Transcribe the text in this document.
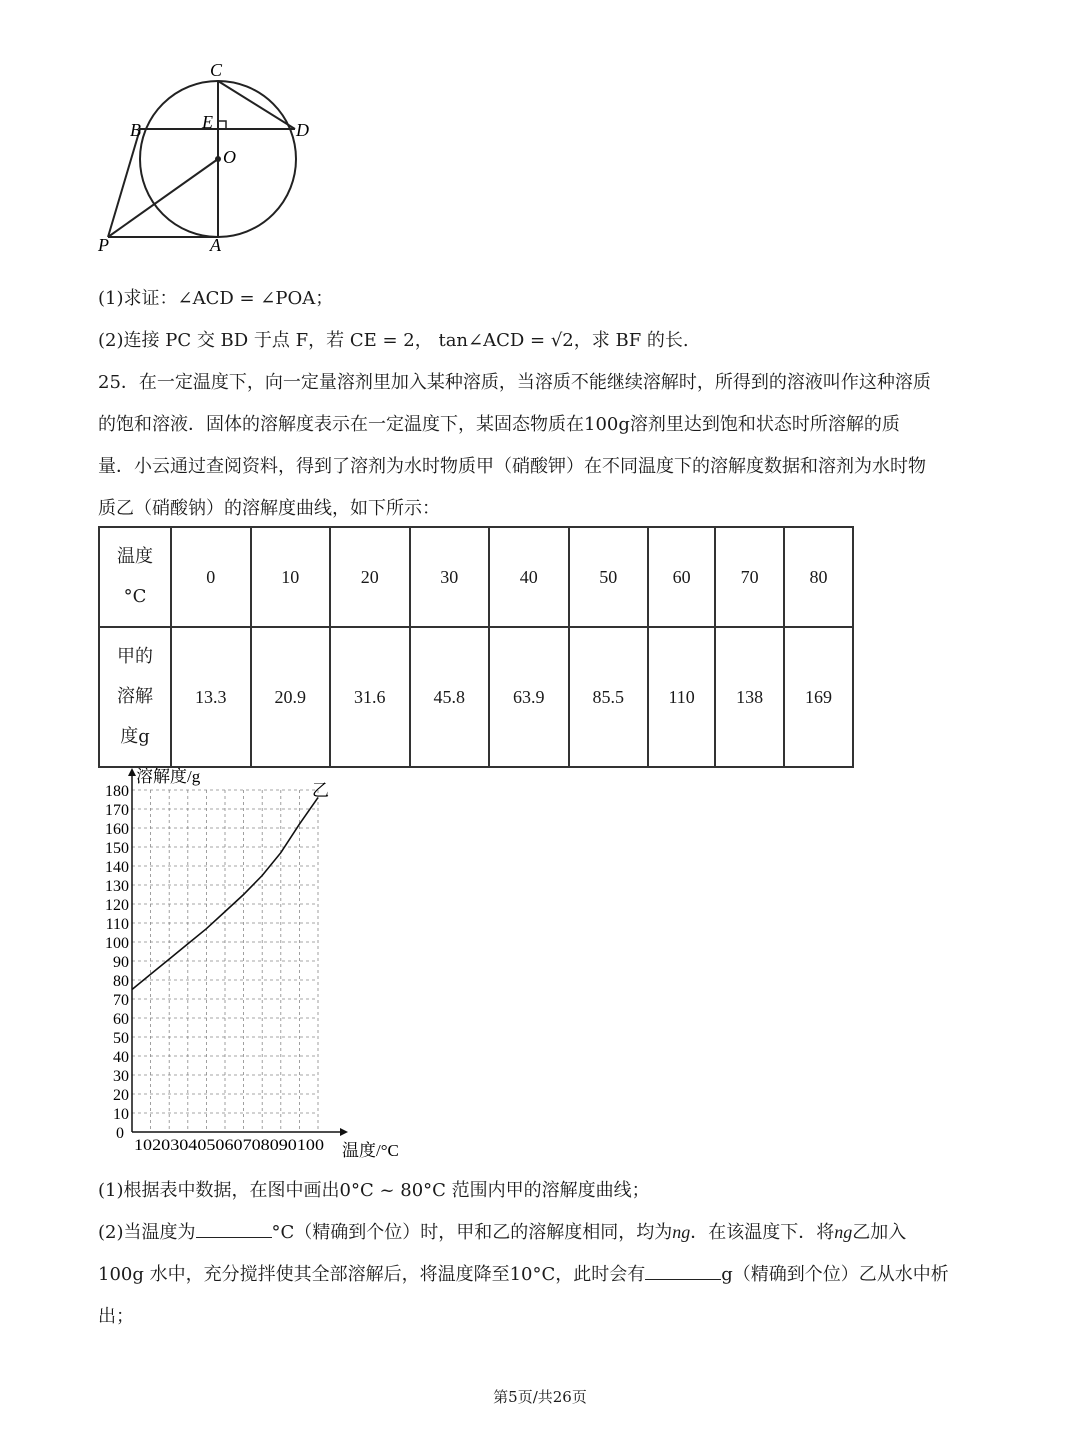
C
B	E	D
O
P	A
(1)求证：∠ACD = ∠POA；
(2)连接 PC 交 BD 于点 F，若 CE = 2， tan∠ACD = √2，求 BF 的长.
25．在一定温度下，向一定量溶剂里加入某种溶质，当溶质不能继续溶解时，所得到的溶液叫作这种溶质
的饱和溶液．固体的溶解度表示在一定温度下，某固态物质在100g溶剂里达到饱和状态时所溶解的质
量．小云通过查阅资料，得到了溶剂为水时物质甲（硝酸钾）在不同温度下的溶解度数据和溶剂为水时物
质乙（硝酸钠）的溶解度曲线，如下所示：
温度
°C	0	10	20	30	40	50	60	70	80

甲的
溶解
度g	13.3	20.9	31.6	45.8	63.9	85.5	110	138	169
10
20
30
40
50
60
70
80
90
100
110
120
130
140
150
160
170
180
溶解度/g
温度/°C
102030405060708090100
0
乙
(1)根据表中数据，在图中画出0°C ~ 80°C 范围内甲的溶解度曲线；
(2)当温度为	°C（精确到个位）时，甲和乙的溶解度相同，均为ng．在该温度下．将ng乙加入
100g 水中，充分搅拌使其全部溶解后，将温度降至10°C，此时会有	g（精确到个位）乙从水中析
出；
第5页/共26页
